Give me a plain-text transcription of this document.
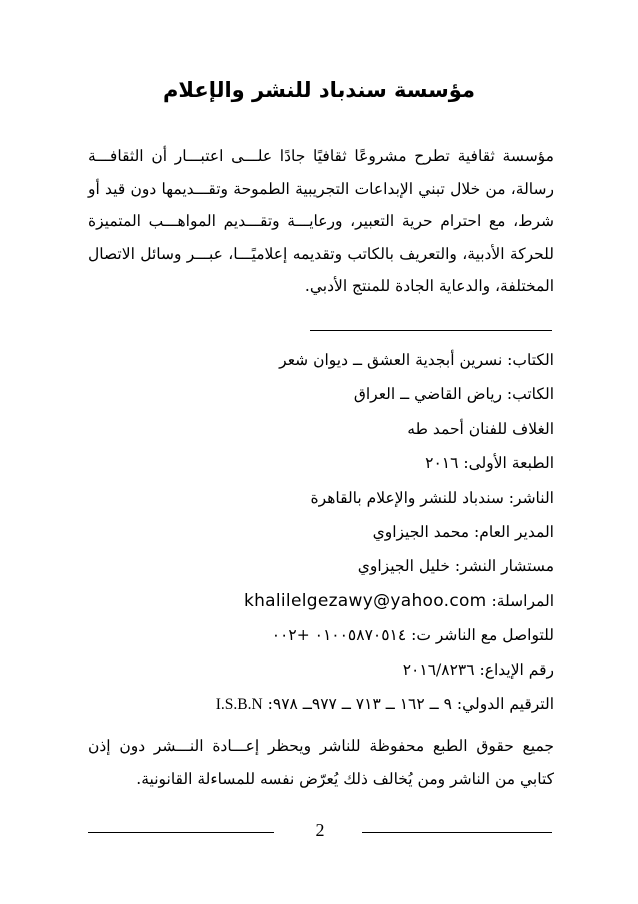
مؤسسة سندباد للنشر والإعلام

مؤسسة ثقافية تطرح مشروعًا ثقافيًا جادًا علـــى اعتبـــار أن الثقافـــة رسالة، من خلال تبني الإبداعات التجريبية الطموحة وتقـــديمها دون قيد أو شرط، مع احترام حرية التعبير، ورعايـــة وتقـــديم المواهـــب المتميزة للحركة الأدبية، والتعريف بالكاتب وتقديمه إعلاميًـــا، عبـــر وسائل الاتصال المختلفة، والدعاية الجادة للمنتج الأدبي.

الكتاب: نسرين أبجدية العشق ــ ديوان شعر
الكاتب: رياض القاضي ــ العراق
الغلاف للفنان أحمد طه
الطبعة الأولى: ٢٠١٦
الناشر: سندباد للنشر والإعلام بالقاهرة
المدير العام: محمد الجيزاوي
مستشار النشر: خليل الجيزاوي
المراسلة: khalilelgezawy@yahoo.com
للتواصل مع الناشر ت: ٠١٠٠٥٨٧٠٥١٤ +٠٠٢
رقم الإيداع: ٢٠١٦/٨٢٣٦
الترقيم الدولي: ٩ ــ ١٦٢ ــ ٧١٣ ــ ٩٧٧ــ ٩٧٨: I.S.B.N

جميع حقوق الطبع محفوظة للناشر ويحظر إعـــادة النـــشر دون إذن كتابي من الناشر ومن يُخالف ذلك يُعرّض نفسه للمساءلة القانونية.

2
